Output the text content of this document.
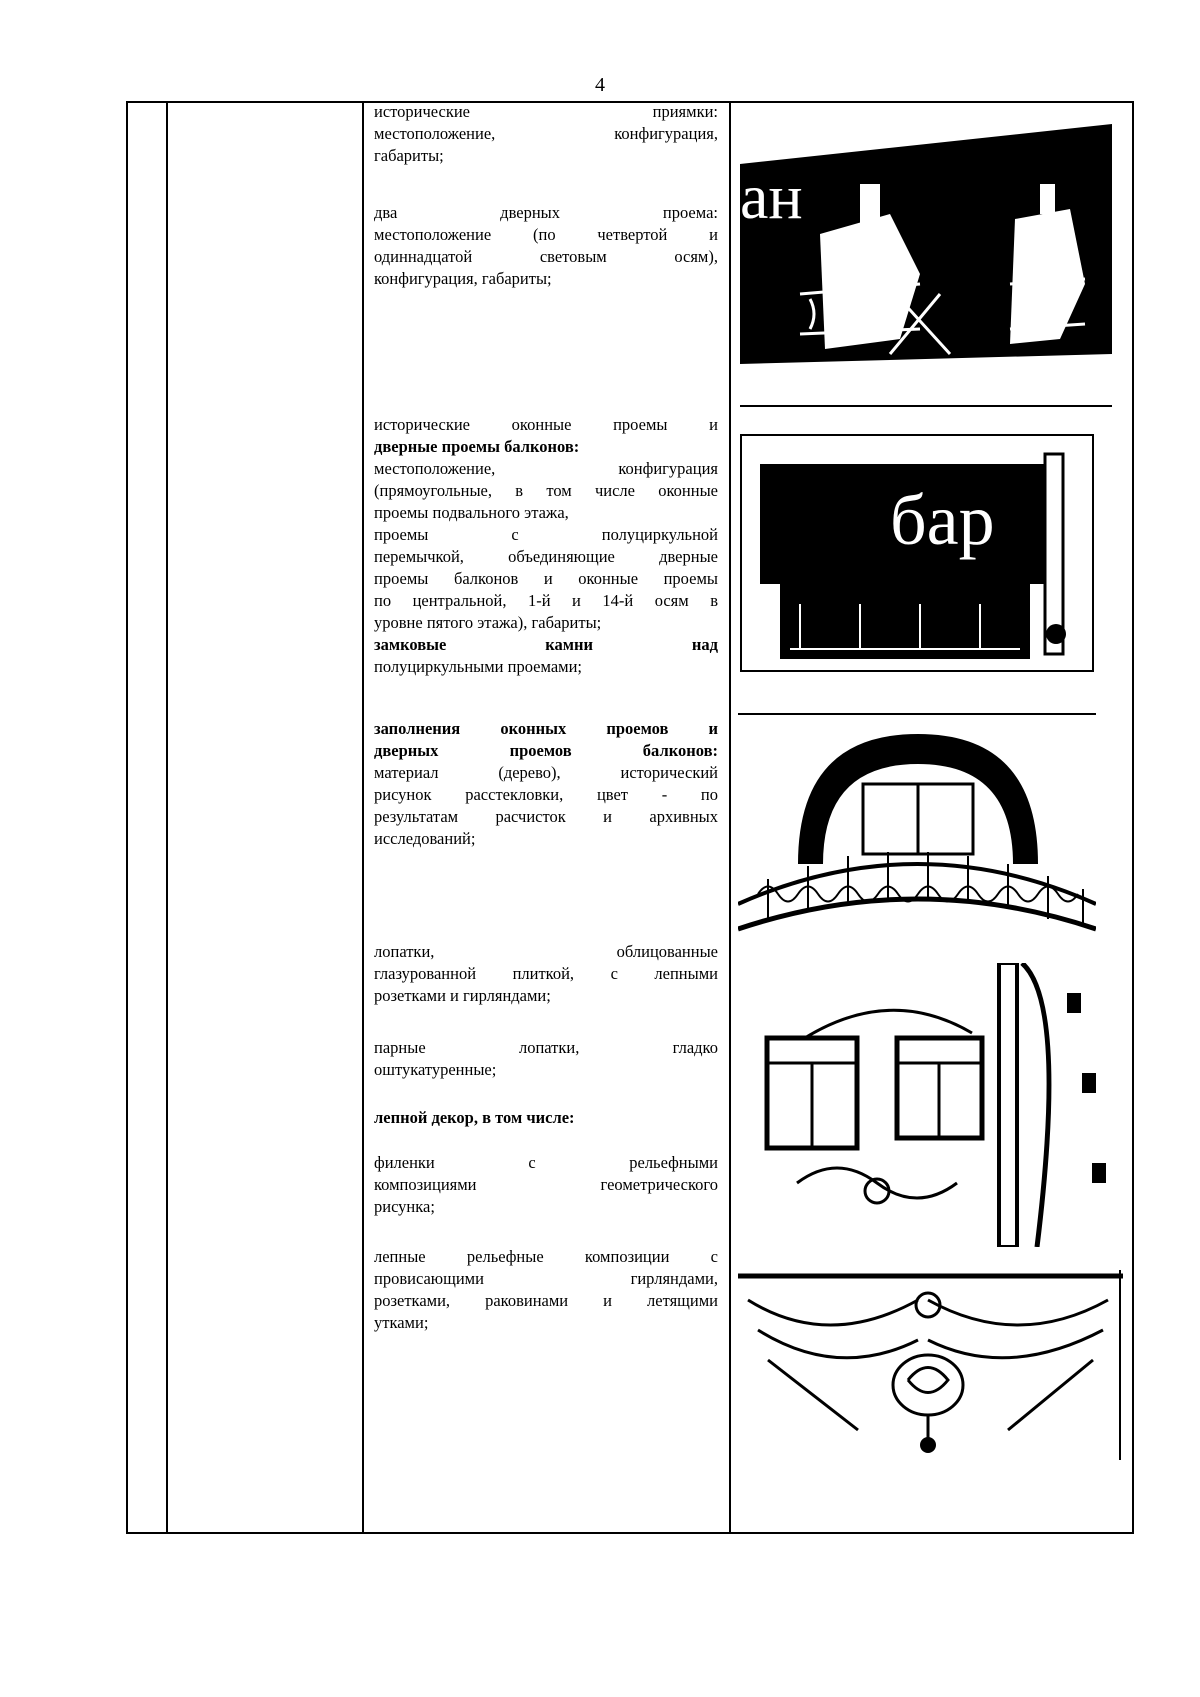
4
исторические приямки:
местоположение, конфигурация,
габариты;
два дверных проема:
местоположение (по четвертой и
одиннадцатой световым осям),
конфигурация, габариты;
исторические оконные проемы и
дверные проемы балконов:
местоположение, конфигурация
(прямоугольные, в том числе оконные
проемы подвального этажа,
проемы с полуциркульной
перемычкой, объединяющие дверные
проемы балконов и оконные проемы
по центральной, 1-й и 14-й осям в
уровне пятого этажа), габариты;
замковые камни над
полуциркульными проемами;
заполнения оконных проемов и
дверных проемов балконов:
материал (дерево), исторический
рисунок расстекловки, цвет - по
результатам расчисток и архивных
исследований;
лопатки, облицованные
глазурованной плиткой, с лепными
розетками и гирляндами;
парные лопатки, гладко
оштукатуренные;
лепной декор, в том числе:
филенки с рельефными
композициями геометрического
рисунка;
лепные рельефные композиции с
провисающими гирляндами,
розетками, раковинами и летящими
утками;
ан
бар
